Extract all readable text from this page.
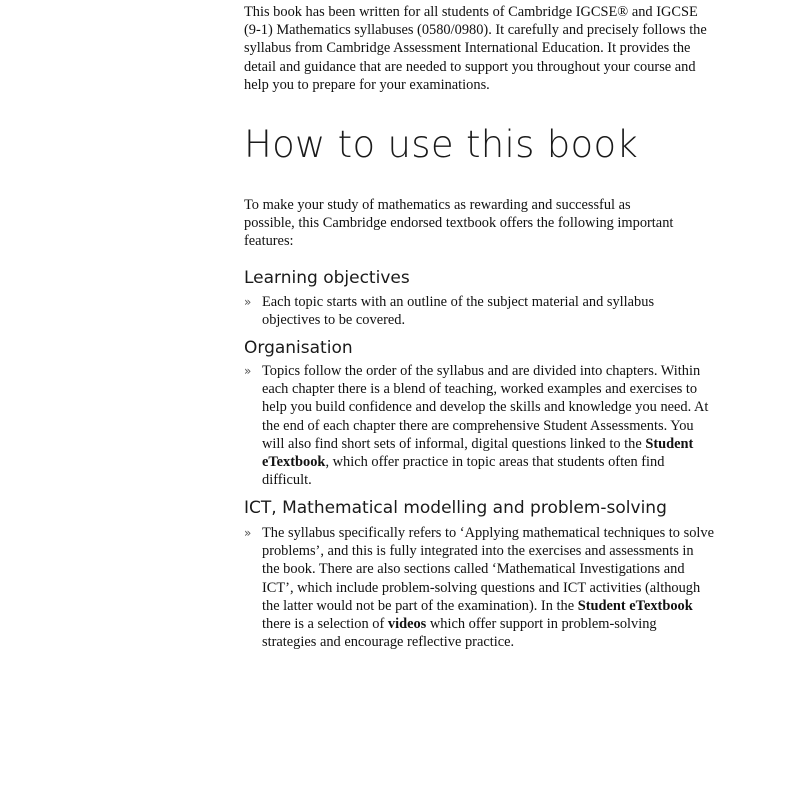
This book has been written for all students of Cambridge IGCSE® and IGCSE (9-1) Mathematics syllabuses (0580/0980). It carefully and precisely follows the syllabus from Cambridge Assessment International Education. It provides the detail and guidance that are needed to support you throughout your course and help you to prepare for your examinations.

How to use this book

To make your study of mathematics as rewarding and successful as possible, this Cambridge endorsed textbook offers the following important features:

Learning objectives
» Each topic starts with an outline of the subject material and syllabus objectives to be covered.
Organisation
» Topics follow the order of the syllabus and are divided into chapters. Within each chapter there is a blend of teaching, worked examples and exercises to help you build confidence and develop the skills and knowledge you need. At the end of each chapter there are comprehensive Student Assessments. You will also find short sets of informal, digital questions linked to the Student eTextbook, which offer practice in topic areas that students often find difficult.
ICT, Mathematical modelling and problem-solving
» The syllabus specifically refers to ‘Applying mathematical techniques to solve problems’, and this is fully integrated into the exercises and assessments in the book. There are also sections called ‘Mathematical Investigations and ICT’, which include problem-solving questions and ICT activities (although the latter would not be part of the examination). In the Student eTextbook there is a selection of videos which offer support in problem-solving strategies and encourage reflective practice.
